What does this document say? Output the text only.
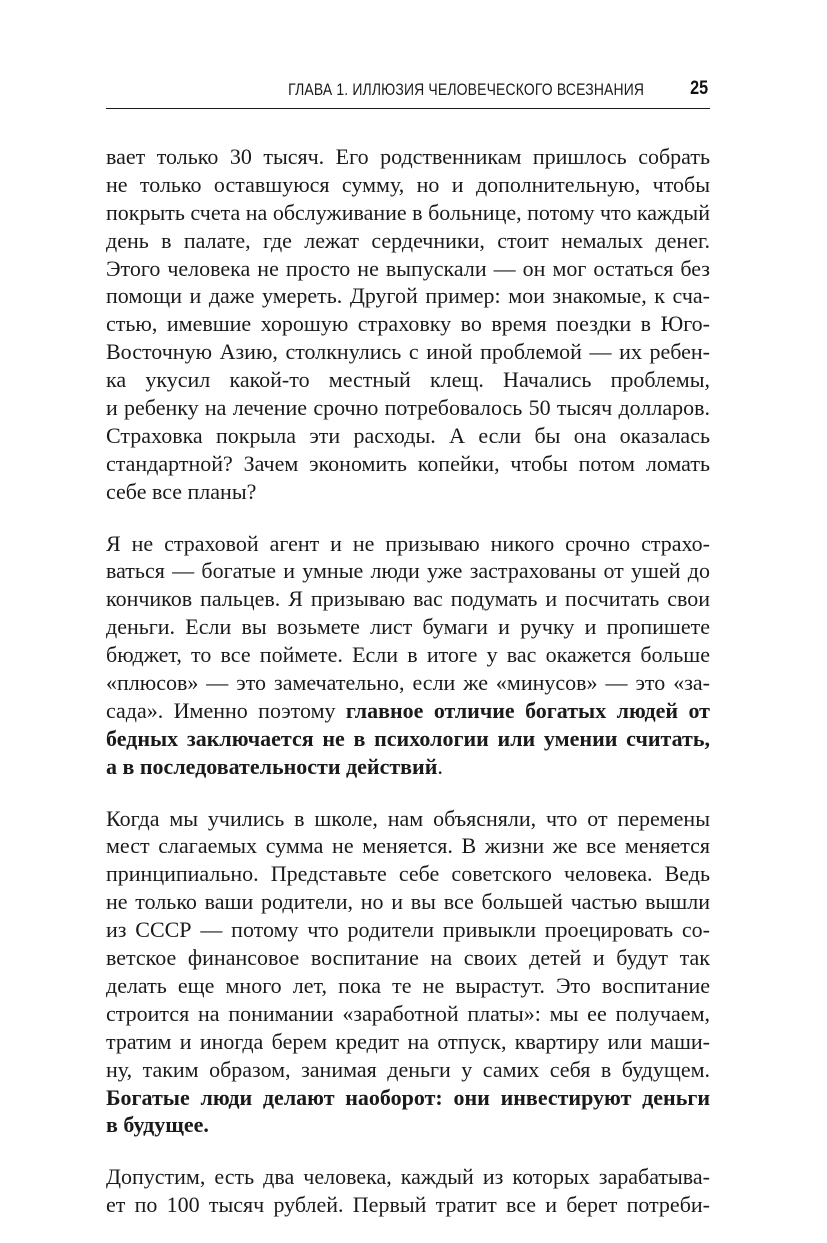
ГЛАВА 1. ИЛЛЮЗИЯ ЧЕЛОВЕЧЕСКОГО ВСЕЗНАНИЯ 25
вает только 30 тысяч. Его родственникам пришлось собрать
не только оставшуюся сумму, но и дополнительную, чтобы
покрыть счета на обслуживание в больнице, потому что каждый
день в палате, где лежат сердечники, стоит немалых денег.
Этого человека не просто не выпускали — он мог остаться без
помощи и даже умереть. Другой пример: мои знакомые, к сча-
стью, имевшие хорошую страховку во время поездки в Юго-
Восточную Азию, столкнулись с иной проблемой — их ребен-
ка укусил какой-то местный клещ. Начались проблемы,
и ребенку на лечение срочно потребовалось 50 тысяч долларов.
Страховка покрыла эти расходы. А если бы она оказалась
стандартной? Зачем экономить копейки, чтобы потом ломать
себе все планы?
Я не страховой агент и не призываю никого срочно страхо-
ваться — богатые и умные люди уже застрахованы от ушей до
кончиков пальцев. Я призываю вас подумать и посчитать свои
деньги. Если вы возьмете лист бумаги и ручку и пропишете
бюджет, то все поймете. Если в итоге у вас окажется больше
«плюсов» — это замечательно, если же «минусов» — это «за-
сада». Именно поэтому главное отличие богатых людей от
бедных заключается не в психологии или умении считать,
а в последовательности действий.
Когда мы учились в школе, нам объясняли, что от перемены
мест слагаемых сумма не меняется. В жизни же все меняется
принципиально. Представьте себе советского человека. Ведь
не только ваши родители, но и вы все большей частью вышли
из СССР — потому что родители привыкли проецировать со-
ветское финансовое воспитание на своих детей и будут так
делать еще много лет, пока те не вырастут. Это воспитание
строится на понимании «заработной платы»: мы ее получаем,
тратим и иногда берем кредит на отпуск, квартиру или маши-
ну, таким образом, занимая деньги у самих себя в будущем.
Богатые люди делают наоборот: они инвестируют деньги
в будущее.
Допустим, есть два человека, каждый из которых зарабатыва-
ет по 100 тысяч рублей. Первый тратит все и берет потреби-
